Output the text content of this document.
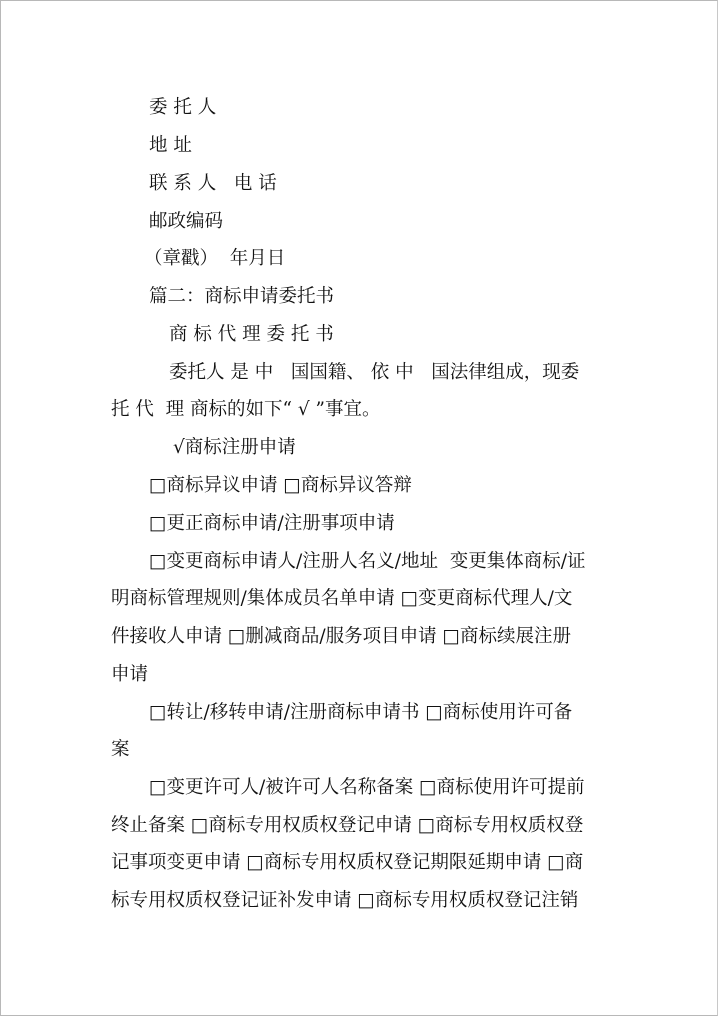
委 托 人
地 址
联 系 人   电 话
邮政编码
（章戳）  年月日
篇二：商标申请委托书
商 标 代 理 委 托 书
委托人 是 中   国国籍、 依 中   国法律组成，现委
托 代  理 商标的如下“ √ ”事宜。
√商标注册申请
□商标异议申请 □商标异议答辩
□更正商标申请/注册事项申请
□变更商标申请人/注册人名义/地址  变更集体商标/证
明商标管理规则/集体成员名单申请 □变更商标代理人/文
件接收人申请 □删减商品/服务项目申请 □商标续展注册
申请
□转让/移转申请/注册商标申请书 □商标使用许可备
案
□变更许可人/被许可人名称备案 □商标使用许可提前
终止备案 □商标专用权质权登记申请 □商标专用权质权登
记事项变更申请 □商标专用权质权登记期限延期申请 □商
标专用权质权登记证补发申请 □商标专用权质权登记注销
